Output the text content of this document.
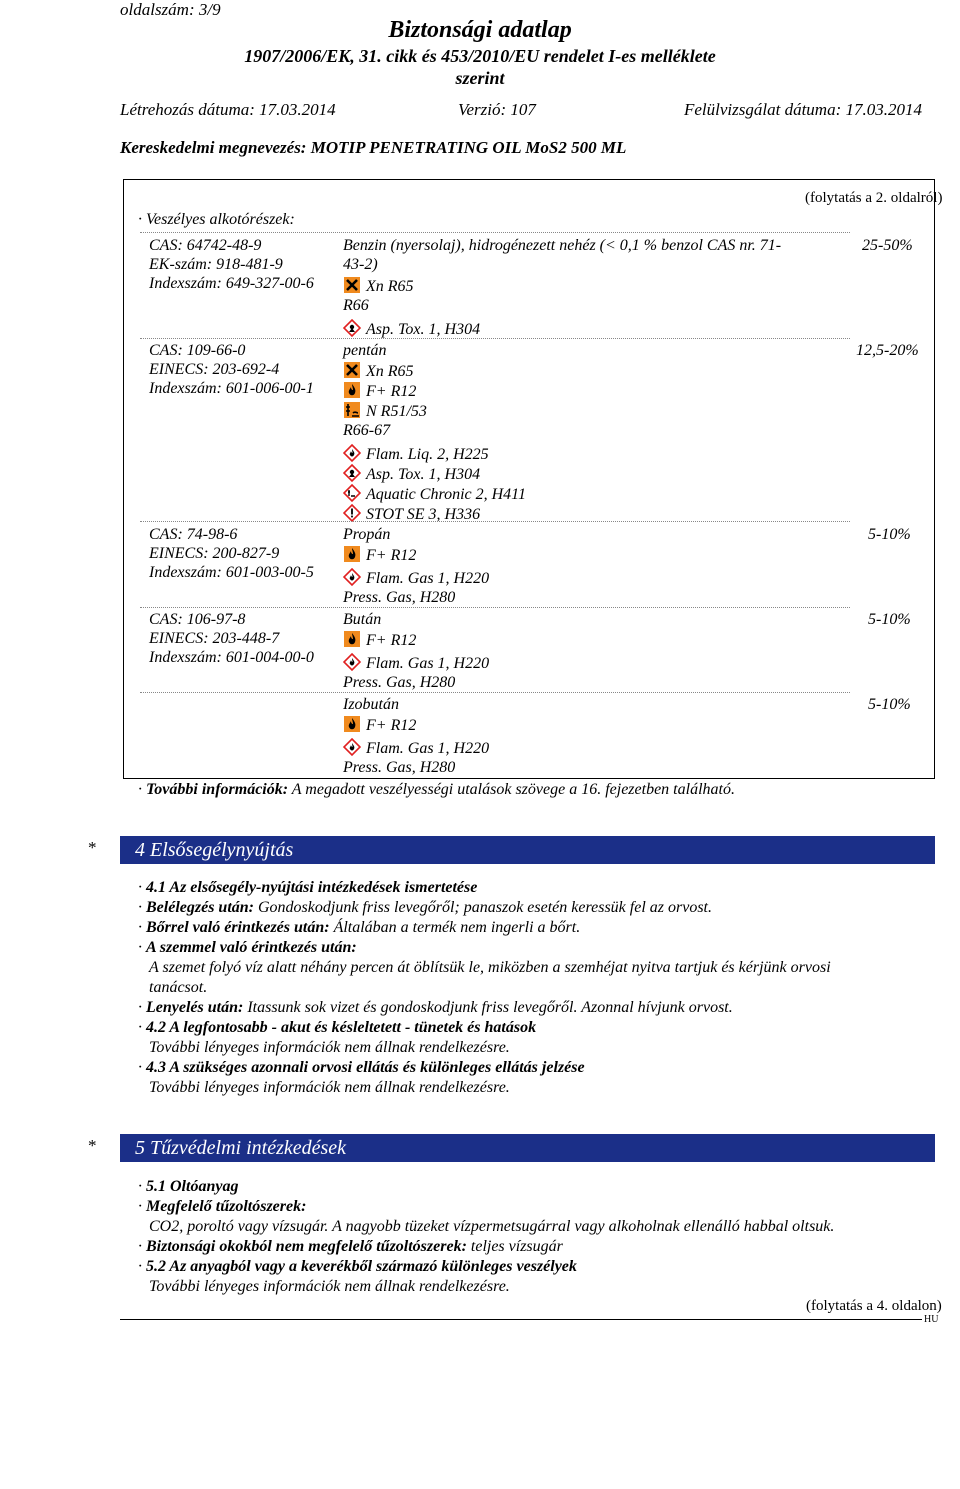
oldalszám: 3/9
Biztonsági adatlap
1907/2006/EK, 31. cikk és 453/2010/EU rendelet I-es melléklete
szerint
Létrehozás dátuma: 17.03.2014	Verzió: 107	Felülvizsgálat dátuma: 17.03.2014
Kereskedelmi megnevezés: MOTIP PENETRATING OIL MoS2 500 ML
(folytatás a 2. oldalról)
· Veszélyes alkotórészek:
CAS: 64742-48-9
EK-szám: 918-481-9
Indexszám: 649-327-00-6
Benzin (nyersolaj), hidrogénezett nehéz (< 0,1 % benzol CAS nr. 71-
43-2)
Xn R65
R66
Asp. Tox. 1, H304
25-50%
CAS: 109-66-0
EINECS: 203-692-4
Indexszám: 601-006-00-1
pentán
Xn R65
F+ R12
N R51/53
R66-67
Flam. Liq. 2, H225
Asp. Tox. 1, H304
Aquatic Chronic 2, H411
STOT SE 3, H336
12,5-20%
CAS: 74-98-6
EINECS: 200-827-9
Indexszám: 601-003-00-5
Propán
F+ R12
Flam. Gas 1, H220
Press. Gas, H280
5-10%
CAS: 106-97-8
EINECS: 203-448-7
Indexszám: 601-004-00-0
Bután
F+ R12
Flam. Gas 1, H220
Press. Gas, H280
5-10%
Izobután
F+ R12
Flam. Gas 1, H220
Press. Gas, H280
5-10%
· További információk: A megadott veszélyességi utalások szövege a 16. fejezetben található.
* 4 Elsősegélynyújtás
· 4.1 Az elsősegély-nyújtási intézkedések ismertetése
· Belélegzés után: Gondoskodjunk friss levegőről; panaszok esetén keressük fel az orvost.
· Bőrrel való érintkezés után: Általában a termék nem ingerli a bőrt.
· A szemmel való érintkezés után:
A szemet folyó víz alatt néhány percen át öblítsük le, miközben a szemhéjat nyitva tartjuk és kérjünk orvosi
tanácsot.
· Lenyelés után: Itassunk sok vizet és gondoskodjunk friss levegőről. Azonnal hívjunk orvost.
· 4.2 A legfontosabb - akut és késleltetett - tünetek és hatások
További lényeges információk nem állnak rendelkezésre.
· 4.3 A szükséges azonnali orvosi ellátás és különleges ellátás jelzése
További lényeges információk nem állnak rendelkezésre.
* 5 Tűzvédelmi intézkedések
· 5.1 Oltóanyag
· Megfelelő tűzoltószerek:
CO2, poroltó vagy vízsugár. A nagyobb tüzeket vízpermetsugárral vagy alkoholnak ellenálló habbal oltsuk.
· Biztonsági okokból nem megfelelő tűzoltószerek: teljes vízsugár
· 5.2 Az anyagból vagy a keverékből származó különleges veszélyek
További lényeges információk nem állnak rendelkezésre.
(folytatás a 4. oldalon)
HU
